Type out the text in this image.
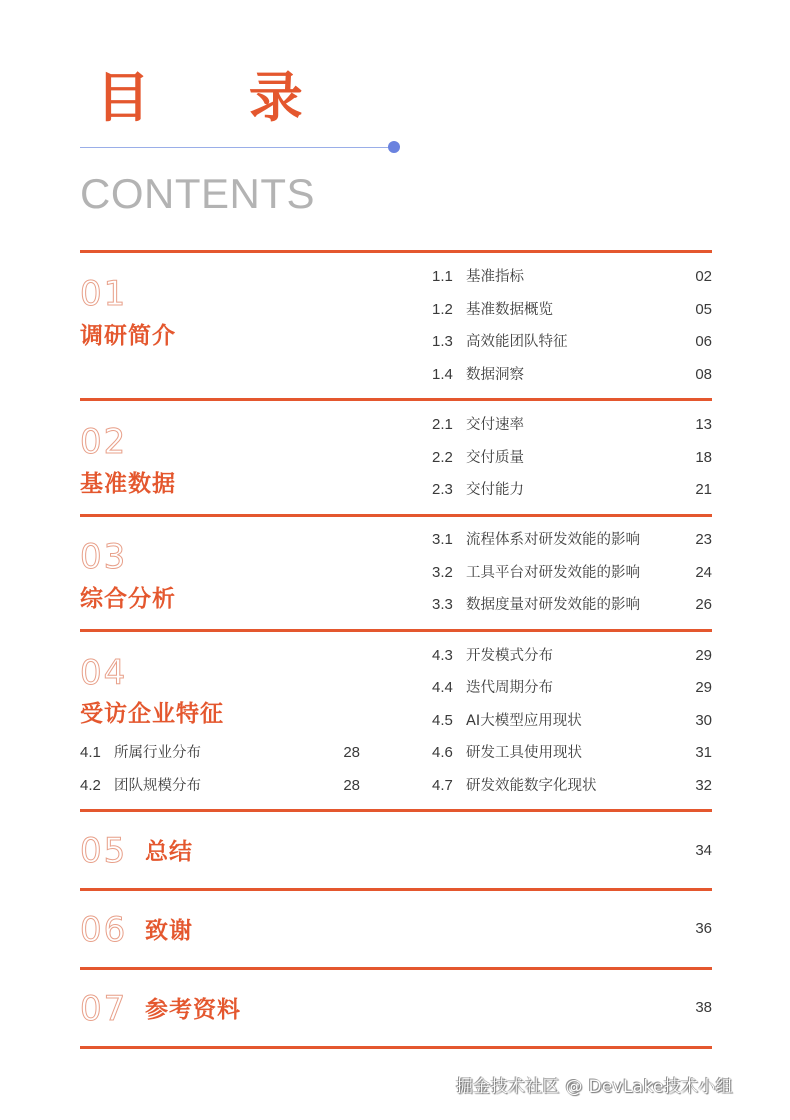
目 录
CONTENTS
01
调研简介
1.1 基准指标	02
1.2 基准数据概览	05
1.3 高效能团队特征	06
1.4 数据洞察	08
02
基准数据
2.1 交付速率	13
2.2 交付质量	18
2.3 交付能力	21
03
综合分析
3.1 流程体系对研发效能的影响	23
3.2 工具平台对研发效能的影响	24
3.3 数据度量对研发效能的影响	26
04
受访企业特征
4.1 所属行业分布	28
4.2 团队规模分布	28
4.3 开发模式分布	29
4.4 迭代周期分布	29
4.5 AI大模型应用现状	30
4.6 研发工具使用现状	31
4.7 研发效能数字化现状	32
05 总结	34
06 致谢	36
07 参考资料	38
掘金技术社区 @ DevLake技术小组
